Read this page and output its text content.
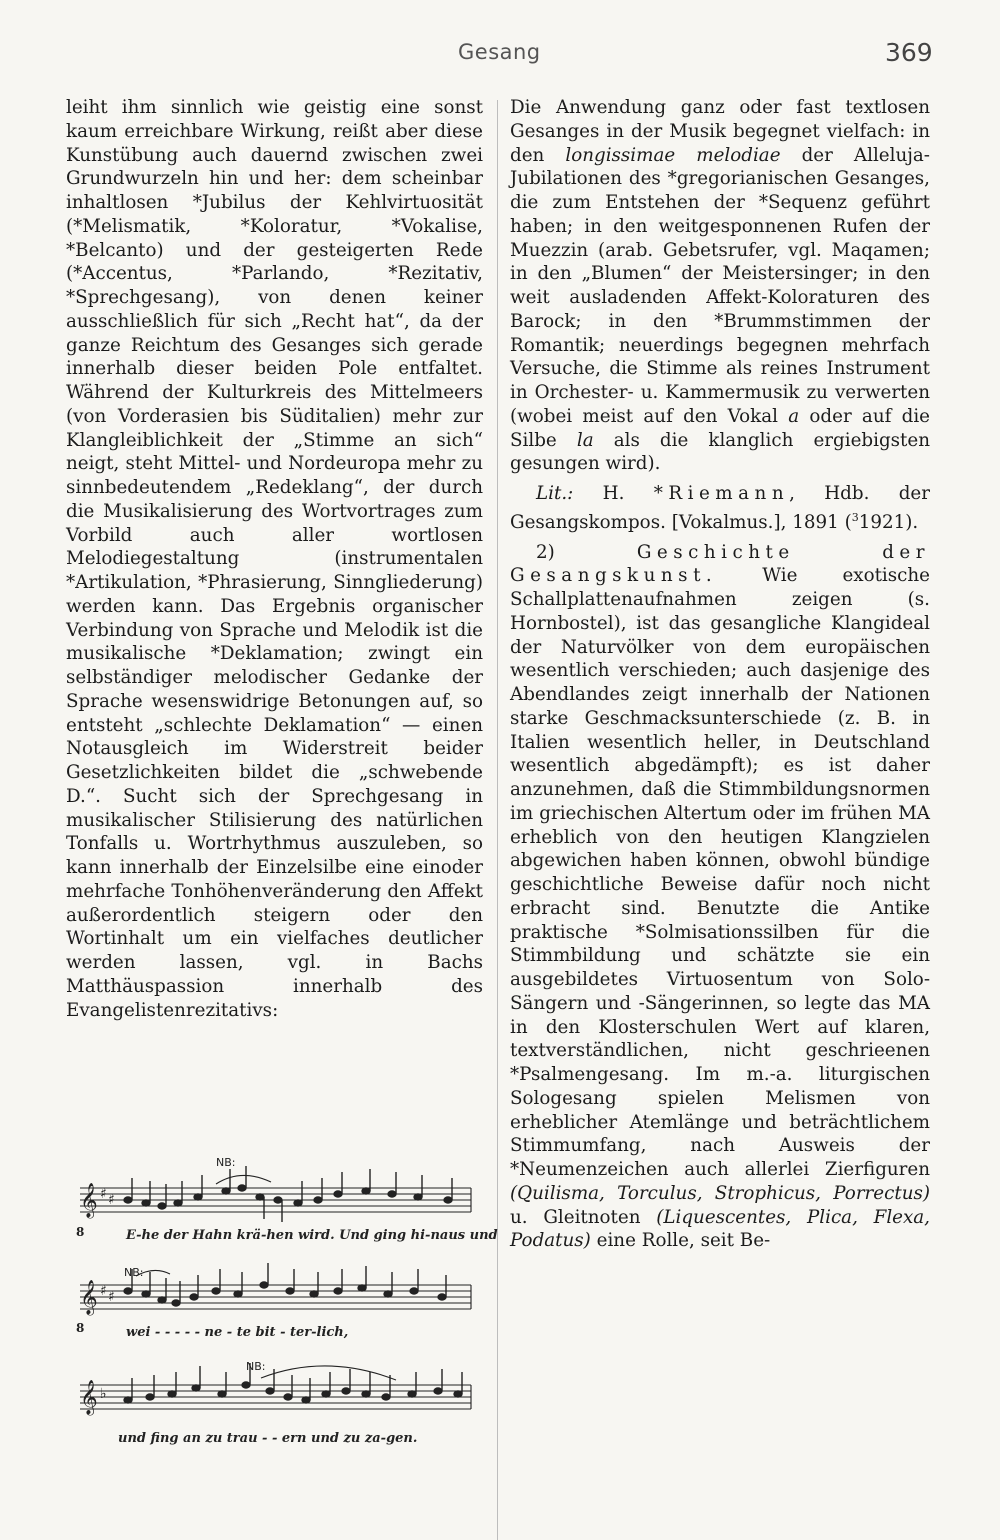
Gesang	369

leiht ihm sinnlich wie geistig eine sonst kaum erreichbare Wirkung, reißt aber diese Kunstübung auch dauernd zwischen zwei Grundwurzeln hin und her: dem scheinbar inhaltlosen *Jubilus der Kehlvirtuosität (*Melismatik, *Koloratur, *Vokalise, *Belcanto) und der gesteigerten Rede (*Accentus, *Parlando, *Rezitativ, *Sprechgesang), von denen keiner ausschließlich für sich „Recht hat“, da der ganze Reichtum des Gesanges sich gerade innerhalb dieser beiden Pole entfaltet. Während der Kulturkreis des Mittelmeers (von Vorderasien bis Süditalien) mehr zur Klangleiblichkeit der „Stimme an sich“ neigt, steht Mittel- und Nordeuropa mehr zu sinnbedeutendem „Redeklang“, der durch die Musikalisierung des Wortvortrages zum Vorbild auch aller wortlosen Melodiegestaltung (instrumentalen *Artikulation, *Phrasierung, Sinngliederung) werden kann. Das Ergebnis organischer Verbindung von Sprache und Melodik ist die musikalische *Deklamation; zwingt ein selbständiger melodischer Gedanke der Sprache wesenswidrige Betonungen auf, so entsteht „schlechte Deklamation“ — einen Notausgleich im Widerstreit beider Gesetzlichkeiten bildet die „schwebende D.“. Sucht sich der Sprechgesang in musikalischer Stilisierung des natürlichen Tonfalls u. Wortrhythmus auszuleben, so kann innerhalb der Einzelsilbe eine einoder mehrfache Tonhöhenveränderung den Affekt außerordentlich steigern oder den Wortinhalt um ein vielfaches deutlicher werden lassen, vgl. in Bachs Matthäuspassion innerhalb des Evangelistenrezitativs:

𝄞
𝄞
𝄞
♯ ♯
♯ ♯
♭
8
8
NB:
NB:
NB:
E-he der Hahn krä-hen wird. Und ging hi-naus und
wei - - - - - ne - te bit - ter-lich,
und fing an zu trau - - ern und zu za-gen.

Die Anwendung ganz oder fast textlosen Gesanges in der Musik begegnet vielfach: in den longissimae melodiae der Alleluja-Jubilationen des *gregorianischen Gesanges, die zum Entstehen der *Sequenz geführt haben; in den weitgesponnenen Rufen der Muezzin (arab. Gebetsrufer, vgl. Maqamen; in den „Blumen“ der Meistersinger; in den weit ausladenden Affekt-Koloraturen des Barock; in den *Brummstimmen der Romantik; neuerdings begegnen mehrfach Versuche, die Stimme als reines Instrument in Orchester- u. Kammermusik zu verwerten (wobei meist auf den Vokal a oder auf die Silbe la als die klanglich ergiebigsten gesungen wird).

Lit.: H. *Riemann, Hdb. der Gesangskompos. [Vokalmus.], 1891 ($^3$1921).

2) Geschichte der Gesangskunst. Wie exotische Schallplattenaufnahmen zeigen (s. Hornbostel), ist das gesangliche Klangideal der Naturvölker von dem europäischen wesentlich verschieden; auch dasjenige des Abendlandes zeigt innerhalb der Nationen starke Geschmacksunterschiede (z. B. in Italien wesentlich heller, in Deutschland wesentlich abgedämpft); es ist daher anzunehmen, daß die Stimmbildungsnormen im griechischen Altertum oder im frühen MA erheblich von den heutigen Klangzielen abgewichen haben können, obwohl bündige geschichtliche Beweise dafür noch nicht erbracht sind. Benutzte die Antike praktische *Solmisationssilben für die Stimmbildung und schätzte sie ein ausgebildetes Virtuosentum von Solo-Sängern und -Sängerinnen, so legte das MA in den Klosterschulen Wert auf klaren, textverständlichen, nicht geschrieenen *Psalmengesang. Im m.-a. liturgischen Sologesang spielen Melismen von erheblicher Atemlänge und beträchtlichem Stimmumfang, nach Ausweis der *Neumenzeichen auch allerlei Zierfiguren (Quilisma, Torculus, Strophicus, Porrectus) u. Gleitnoten (Liquescentes, Plica, Flexa, Podatus) eine Rolle, seit Be-
